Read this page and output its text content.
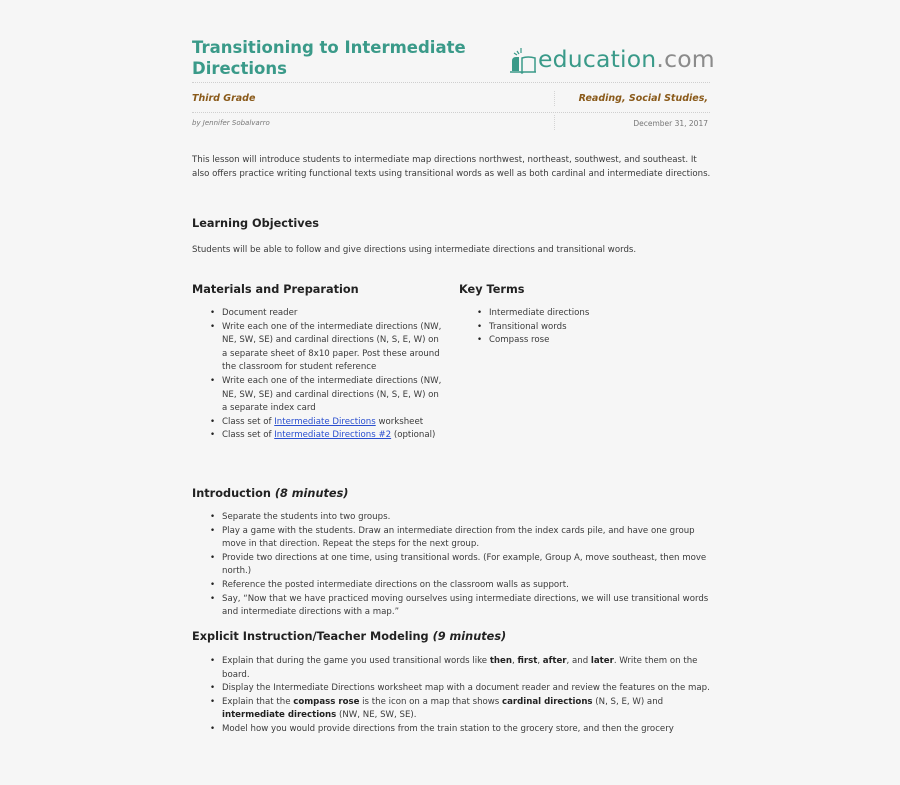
Transitioning to Intermediate Directions	education.com
Third Grade	Reading, Social Studies,
by Jennifer Sobalvarro	December 31, 2017
This lesson will introduce students to intermediate map directions northwest, northeast, southwest, and southeast. It also offers practice writing functional texts using transitional words as well as both cardinal and intermediate directions.
Learning Objectives
Students will be able to follow and give directions using intermediate directions and transitional words.
Materials and Preparation
• Document reader
• Write each one of the intermediate directions (NW, NE, SW, SE) and cardinal directions (N, S, E, W) on a separate sheet of 8x10 paper. Post these around the classroom for student reference
• Write each one of the intermediate directions (NW, NE, SW, SE) and cardinal directions (N, S, E, W) on a separate index card
• Class set of Intermediate Directions worksheet
• Class set of Intermediate Directions #2 (optional)
Key Terms
• Intermediate directions
• Transitional words
• Compass rose
Introduction (8 minutes)
• Separate the students into two groups.
• Play a game with the students. Draw an intermediate direction from the index cards pile, and have one group move in that direction. Repeat the steps for the next group.
• Provide two directions at one time, using transitional words. (For example, Group A, move southeast, then move north.)
• Reference the posted intermediate directions on the classroom walls as support.
• Say, “Now that we have practiced moving ourselves using intermediate directions, we will use transitional words and intermediate directions with a map.”
Explicit Instruction/Teacher Modeling (9 minutes)
• Explain that during the game you used transitional words like then, first, after, and later. Write them on the board.
• Display the Intermediate Directions worksheet map with a document reader and review the features on the map.
• Explain that the compass rose is the icon on a map that shows cardinal directions (N, S, E, W) and intermediate directions (NW, NE, SW, SE).
• Model how you would provide directions from the train station to the grocery store, and then the grocery
